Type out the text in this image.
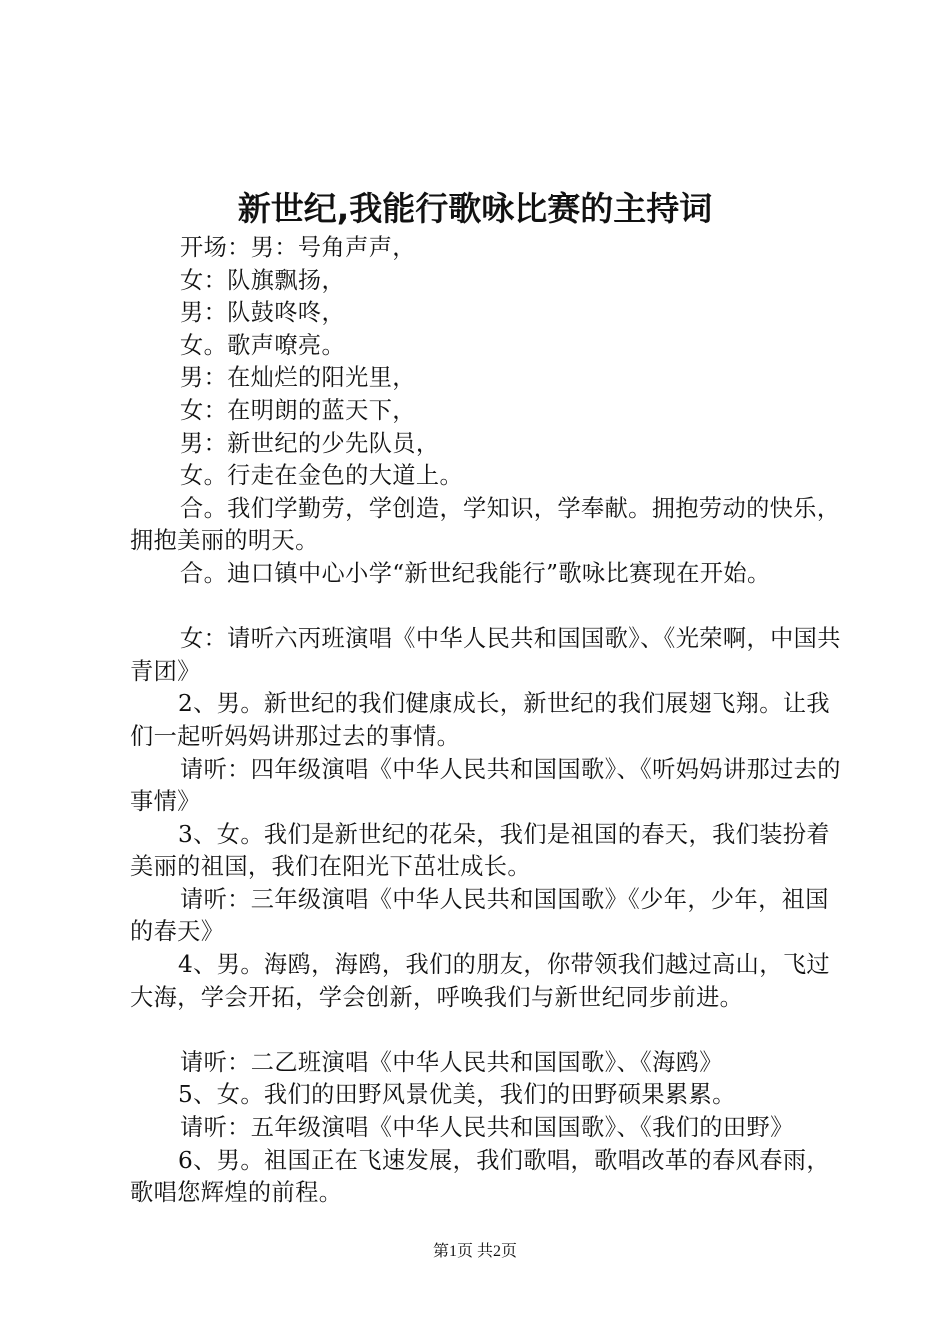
新世纪,我能行歌咏比赛的主持词

开场：男：号角声声，

女：队旗飘扬，

男：队鼓咚咚，

女。歌声嘹亮。

男：在灿烂的阳光里，

女：在明朗的蓝天下，

男：新世纪的少先队员，

女。行走在金色的大道上。

合。我们学勤劳，学创造，学知识，学奉献。拥抱劳动的快乐，拥抱美丽的明天。

合。迪口镇中心小学“新世纪我能行”歌咏比赛现在开始。

女：请听六丙班演唱《中华人民共和国国歌》、《光荣啊，中国共青团》

2、男。新世纪的我们健康成长，新世纪的我们展翅飞翔。让我们一起听妈妈讲那过去的事情。

请听：四年级演唱《中华人民共和国国歌》、《听妈妈讲那过去的事情》

3、女。我们是新世纪的花朵，我们是祖国的春天，我们装扮着美丽的祖国，我们在阳光下茁壮成长。

请听：三年级演唱《中华人民共和国国歌》《少年，少年，祖国的春天》

4、男。海鸥，海鸥，我们的朋友，你带领我们越过高山，飞过大海，学会开拓，学会创新，呼唤我们与新世纪同步前进。

请听：二乙班演唱《中华人民共和国国歌》、《海鸥》

5、女。我们的田野风景优美，我们的田野硕果累累。

请听：五年级演唱《中华人民共和国国歌》、《我们的田野》

6、男。祖国正在飞速发展，我们歌唱，歌唱改革的春风春雨，歌唱您辉煌的前程。

第1页 共2页
